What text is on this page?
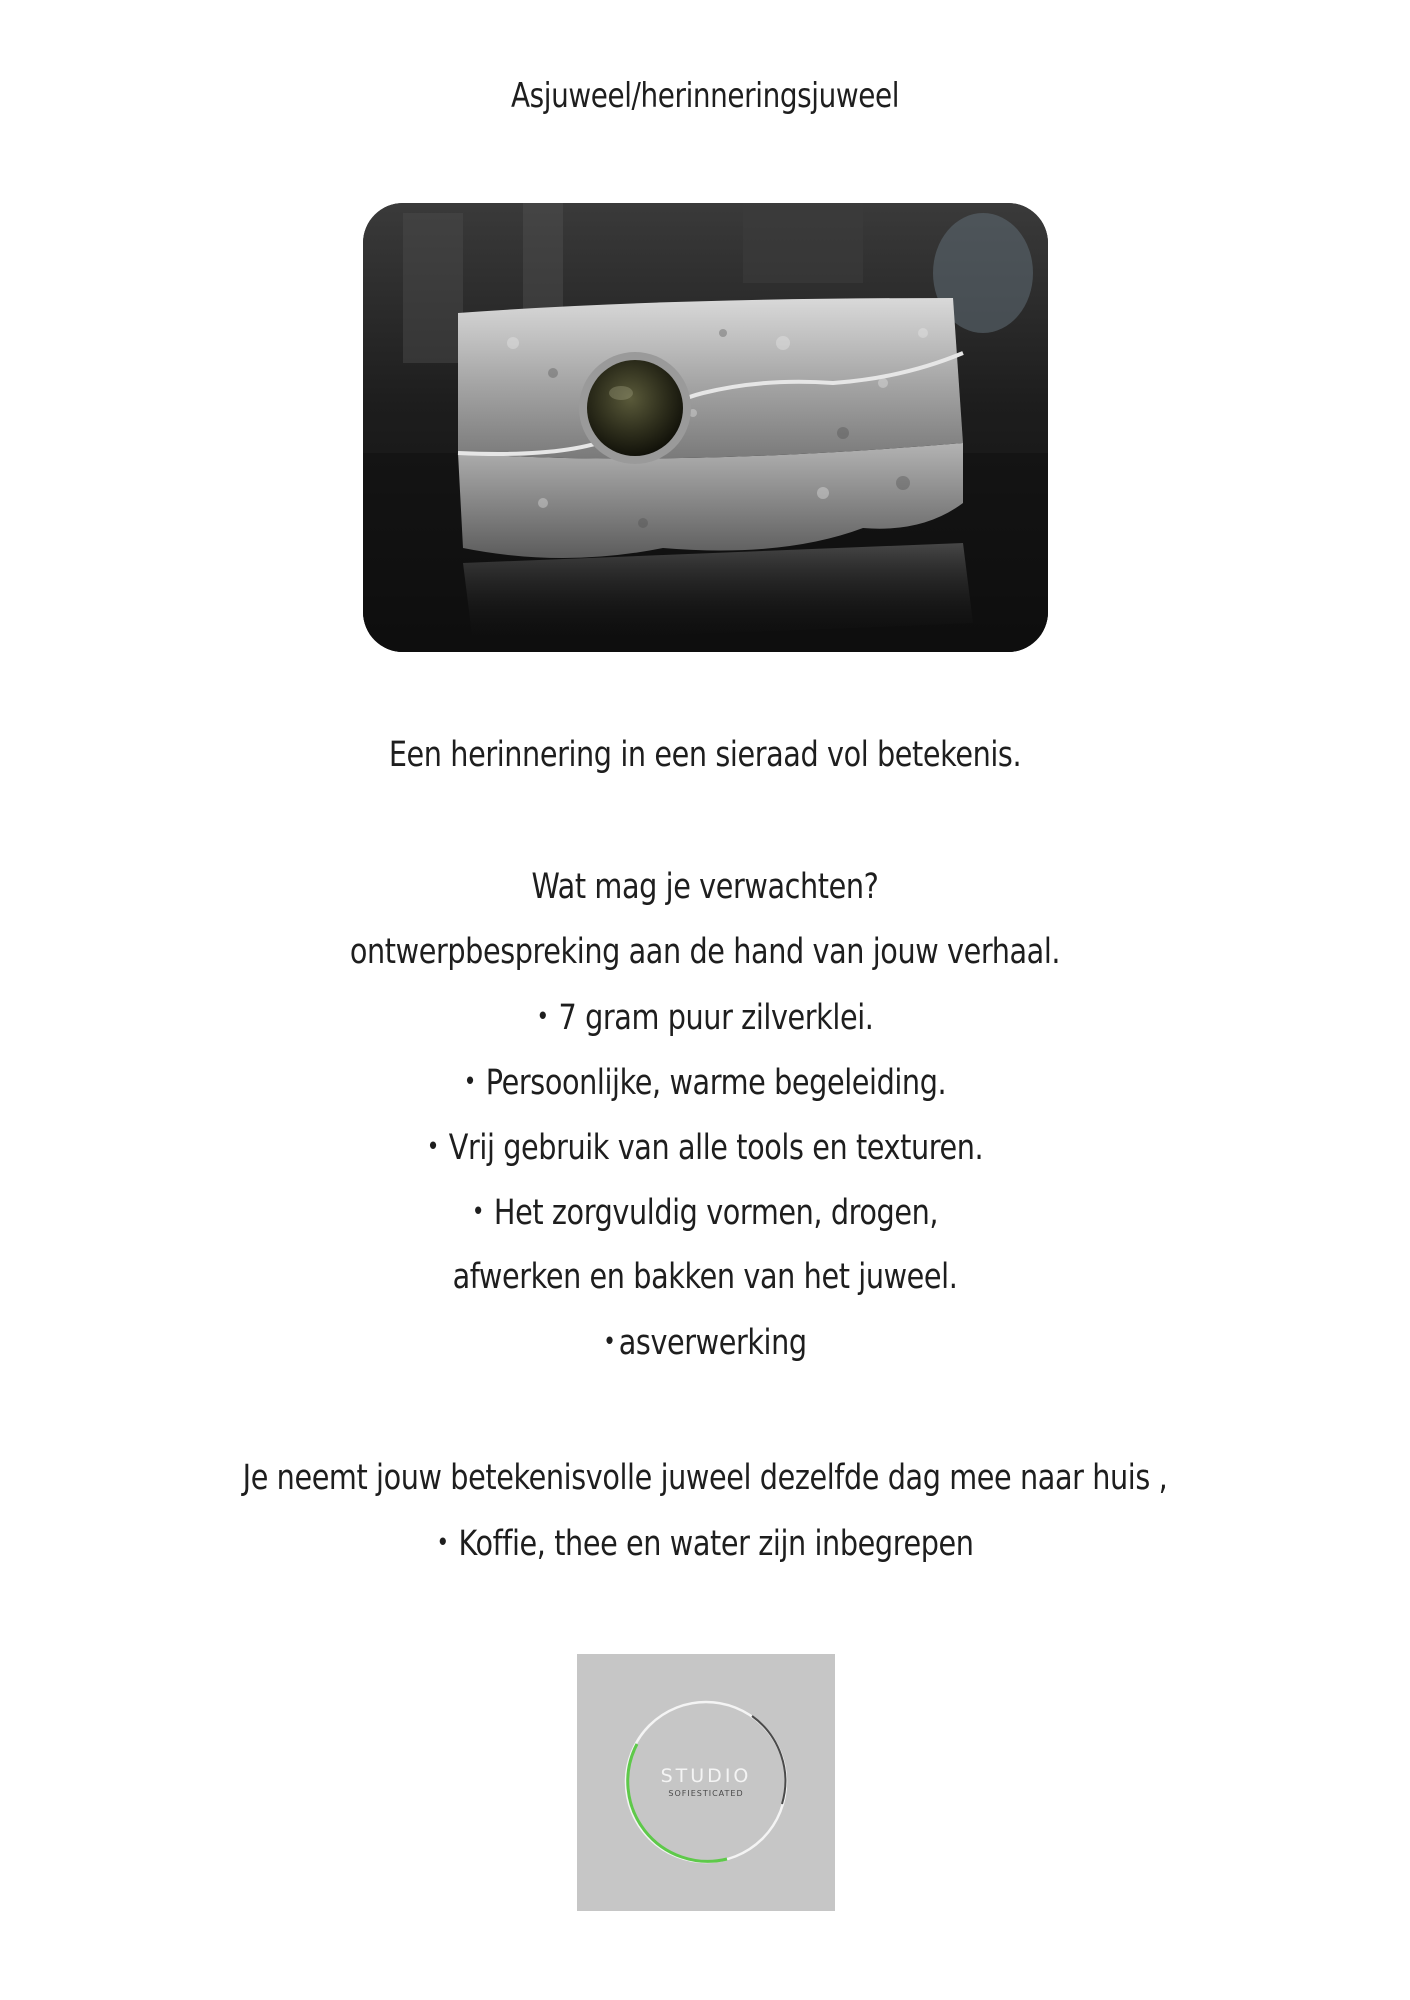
Asjuweel/herinneringsjuweel
Een herinnering in een sieraad vol betekenis.
Wat mag je verwachten?
ontwerpbespreking aan de hand van jouw verhaal.
• 7 gram puur zilverklei.
• Persoonlijke, warme begeleiding.
• Vrij gebruik van alle tools en texturen.
• Het zorgvuldig vormen, drogen,
afwerken en bakken van het juweel.
•asverwerking
Je neemt jouw betekenisvolle juweel dezelfde dag mee naar huis ,
• Koffie, thee en water zijn inbegrepen
STUDIO
SOFIESTICATED
